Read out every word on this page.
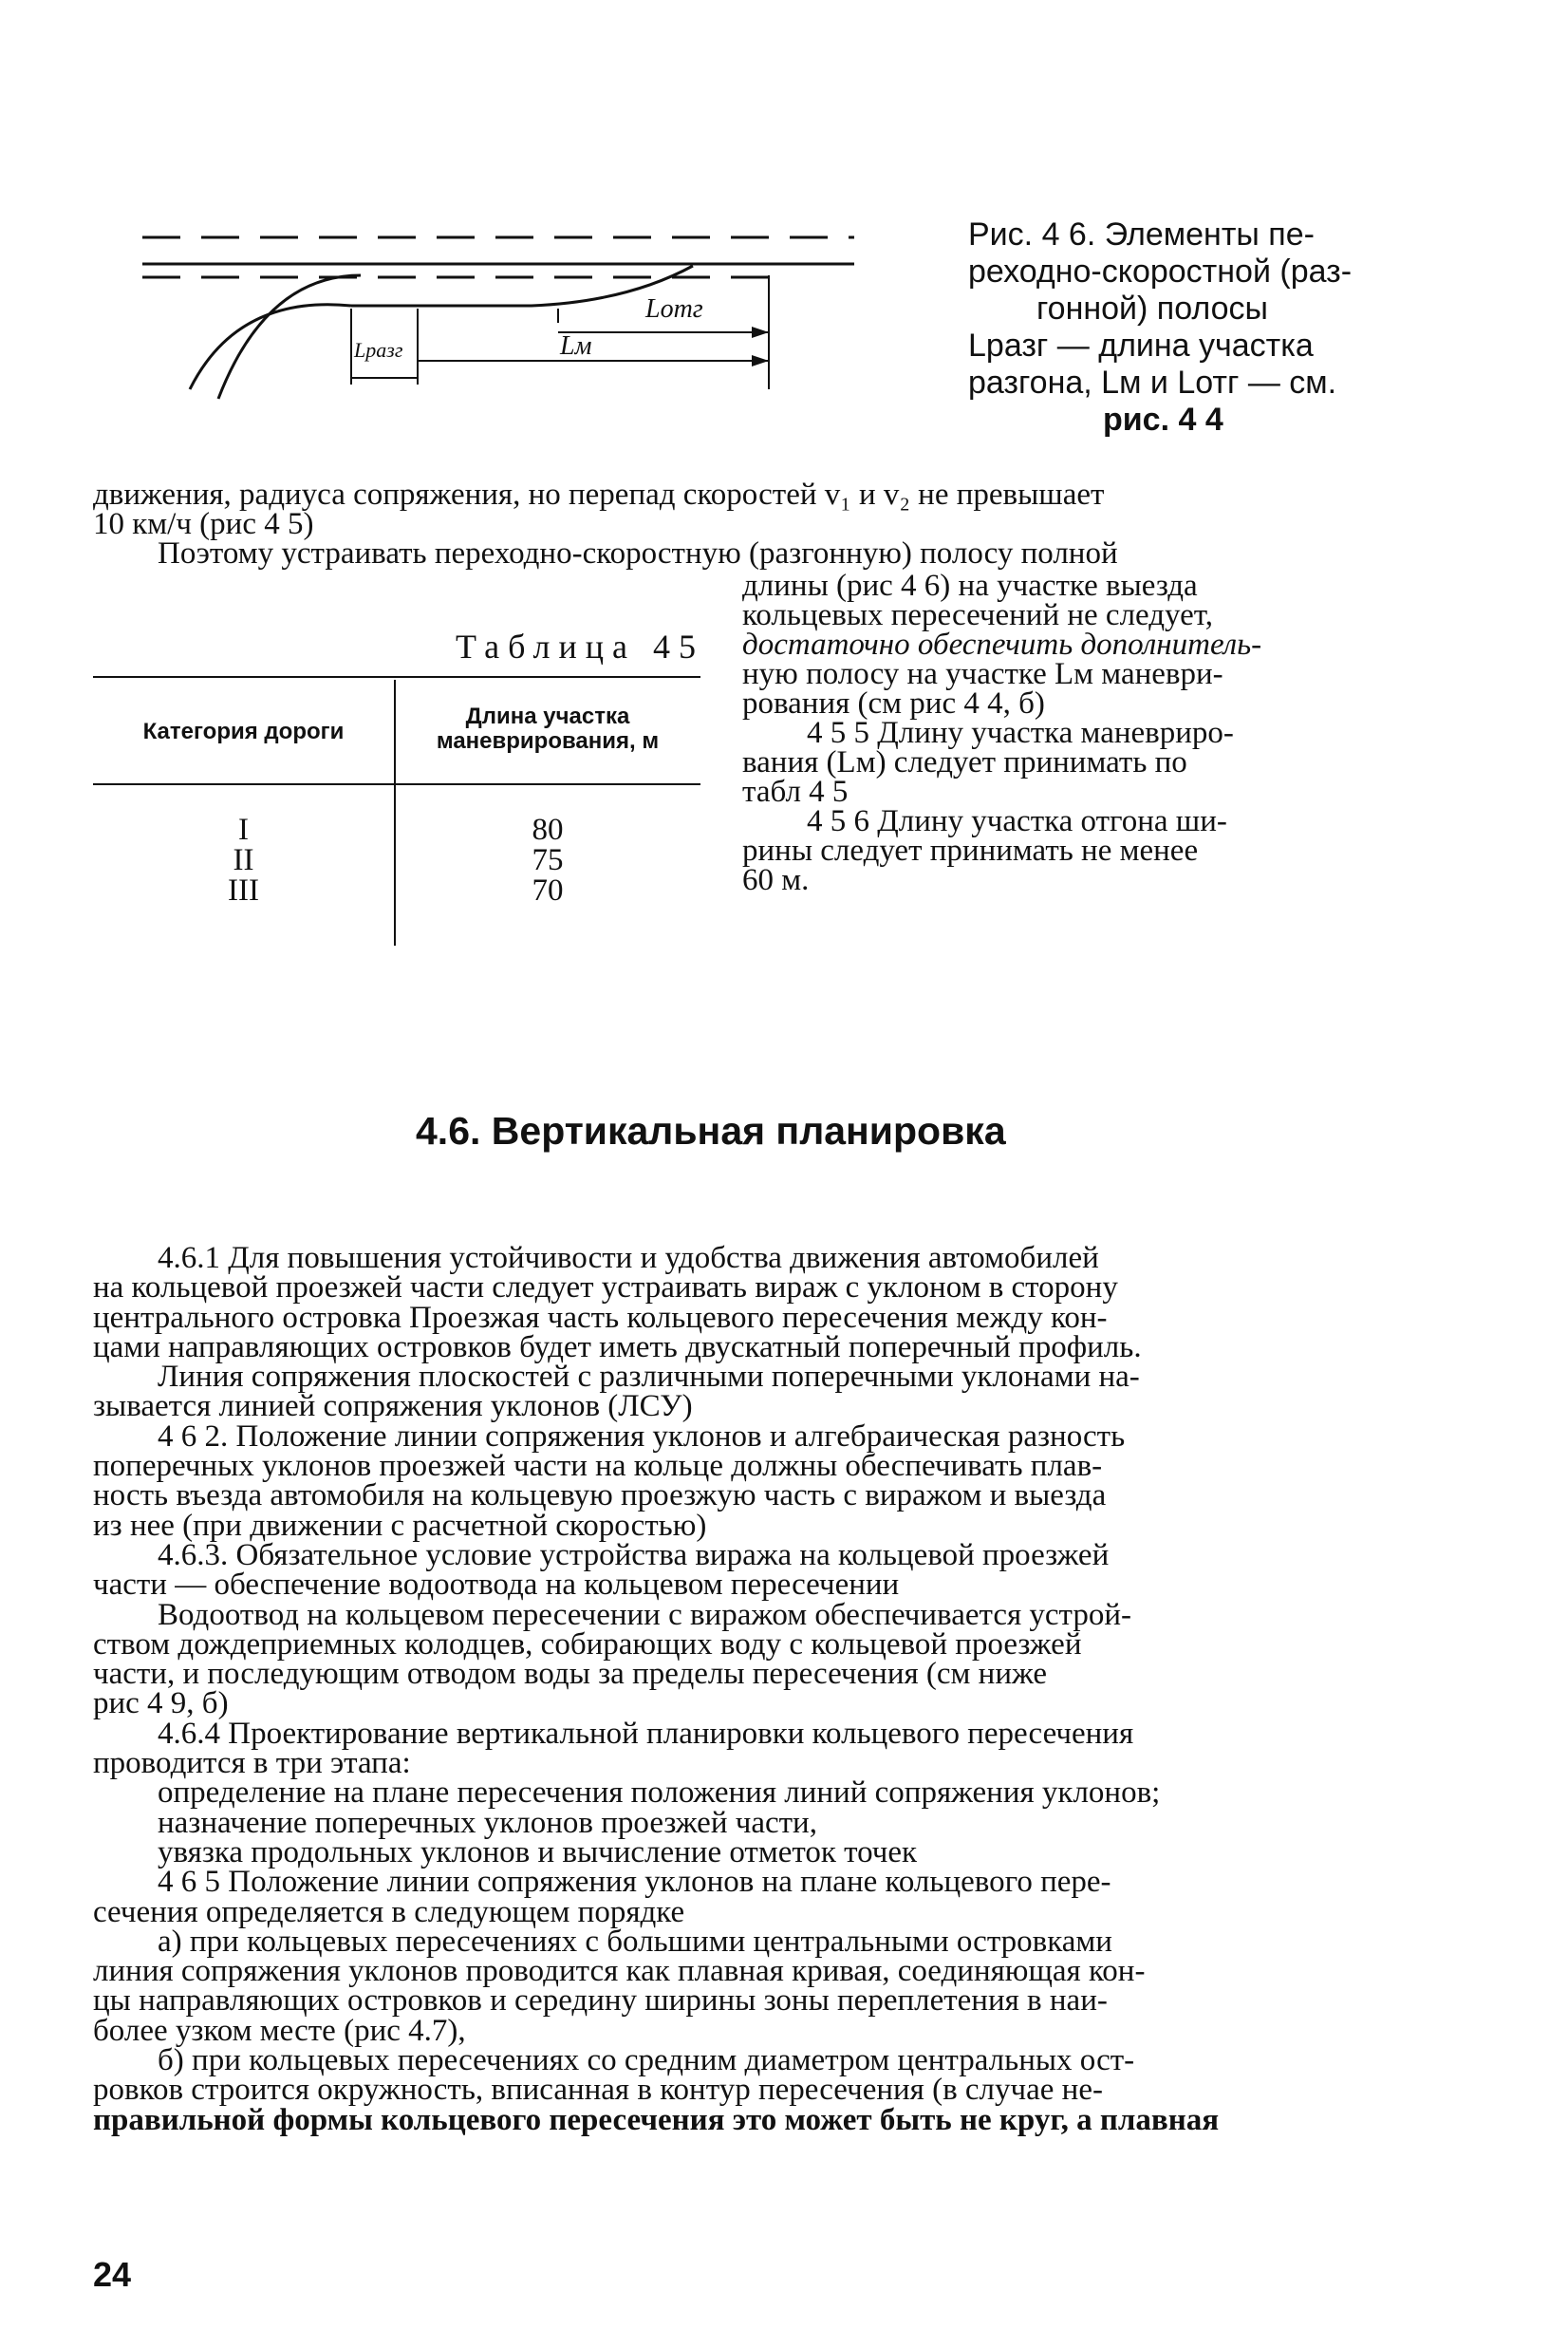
Lотг
Lм
Lразг
Рис. 4 6. Элементы пе-
реходно-скоростной (раз-
гонной) полосы
Lразг — длина участка
разгона, Lм и Lотг — см.
рис. 4 4
движения, радиуса сопряжения, но перепад скоростей v₁ и v₂ не превышает
10 км/ч (рис 4 5)
Поэтому устраивать переходно-скоростную (разгонную) полосу полной
Таблица 45
Категория дороги
Длина участка
маневрирования, м
I
II
III
80
75
70
длины (рис 4 6) на участке выезда
кольцевых пересечений не следует,
достаточно обеспечить дополнитель-
ную полосу на участке Lм маневри-
рования (см рис 4 4, б)
4 5 5 Длину участка маневриро-
вания (Lм) следует принимать по
табл 4 5
4 5 6 Длину участка отгона ши-
рины следует принимать не менее
60 м.
4.6. Вертикальная планировка
4.6.1 Для повышения устойчивости и удобства движения автомобилей
на кольцевой проезжей части следует устраивать вираж с уклоном в сторону
центрального островка Проезжая часть кольцевого пересечения между кон-
цами направляющих островков будет иметь двускатный поперечный профиль.
Линия сопряжения плоскостей с различными поперечными уклонами на-
зывается линией сопряжения уклонов (ЛСУ)
4 6 2. Положение линии сопряжения уклонов и алгебраическая разность
поперечных уклонов проезжей части на кольце должны обеспечивать плав-
ность въезда автомобиля на кольцевую проезжую часть с виражом и выезда
из нее (при движении с расчетной скоростью)
4.6.3. Обязательное условие устройства виража на кольцевой проезжей
части — обеспечение водоотвода на кольцевом пересечении
Водоотвод на кольцевом пересечении с виражом обеспечивается устрой-
ством дождеприемных колодцев, собирающих воду с кольцевой проезжей
части, и последующим отводом воды за пределы пересечения (см ниже
рис 4 9, б)
4.6.4 Проектирование вертикальной планировки кольцевого пересечения
проводится в три этапа:
определение на плане пересечения положения линий сопряжения уклонов;
назначение поперечных уклонов проезжей части,
увязка продольных уклонов и вычисление отметок точек
4 6 5 Положение линии сопряжения уклонов на плане кольцевого пере-
сечения определяется в следующем порядке
а) при кольцевых пересечениях с большими центральными островками
линия сопряжения уклонов проводится как плавная кривая, соединяющая кон-
цы направляющих островков и середину ширины зоны переплетения в наи-
более узком месте (рис 4.7),
б) при кольцевых пересечениях со средним диаметром центральных ост-
ровков строится окружность, вписанная в контур пересечения (в случае не-
правильной формы кольцевого пересечения это может быть не круг, а плавная
24
